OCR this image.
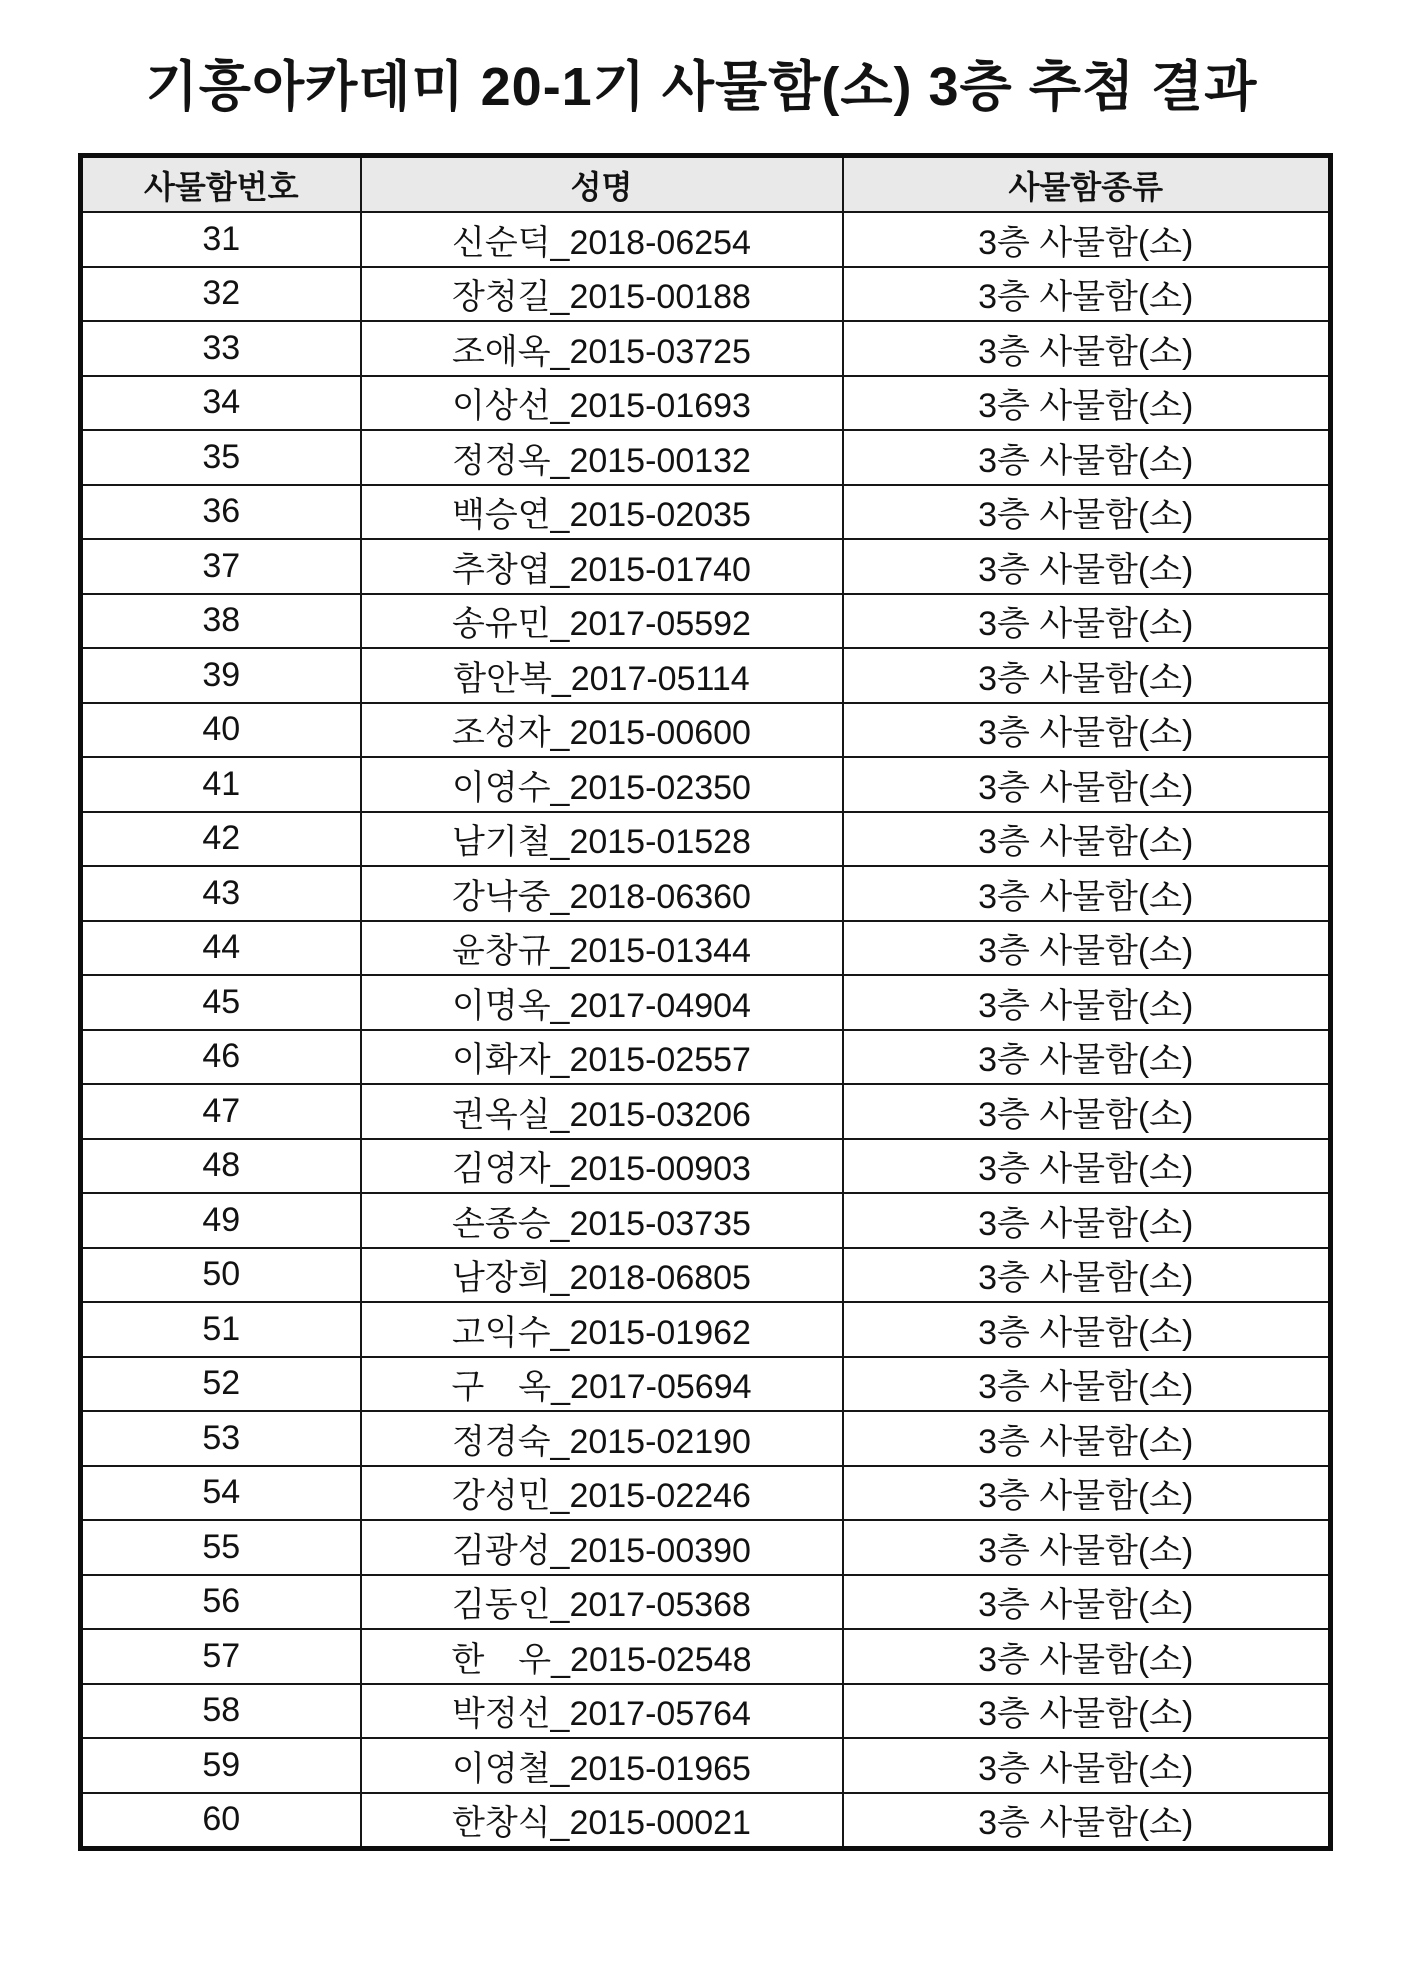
기흥아카데미 20-1기 사물함(소) 3층 추첨 결과
사물함번호	성명	사물함종류
31	신순덕_2018-06254	3층 사물함(소)
32	장청길_2015-00188	3층 사물함(소)
33	조애옥_2015-03725	3층 사물함(소)
34	이상선_2015-01693	3층 사물함(소)
35	정정옥_2015-00132	3층 사물함(소)
36	백승연_2015-02035	3층 사물함(소)
37	추창엽_2015-01740	3층 사물함(소)
38	송유민_2017-05592	3층 사물함(소)
39	함안복_2017-05114	3층 사물함(소)
40	조성자_2015-00600	3층 사물함(소)
41	이영수_2015-02350	3층 사물함(소)
42	남기철_2015-01528	3층 사물함(소)
43	강낙중_2018-06360	3층 사물함(소)
44	윤창규_2015-01344	3층 사물함(소)
45	이명옥_2017-04904	3층 사물함(소)
46	이화자_2015-02557	3층 사물함(소)
47	권옥실_2015-03206	3층 사물함(소)
48	김영자_2015-00903	3층 사물함(소)
49	손종승_2015-03735	3층 사물함(소)
50	남장희_2018-06805	3층 사물함(소)
51	고익수_2015-01962	3층 사물함(소)
52	구　옥_2017-05694	3층 사물함(소)
53	정경숙_2015-02190	3층 사물함(소)
54	강성민_2015-02246	3층 사물함(소)
55	김광성_2015-00390	3층 사물함(소)
56	김동인_2017-05368	3층 사물함(소)
57	한　우_2015-02548	3층 사물함(소)
58	박정선_2017-05764	3층 사물함(소)
59	이영철_2015-01965	3층 사물함(소)
60	한창식_2015-00021	3층 사물함(소)
